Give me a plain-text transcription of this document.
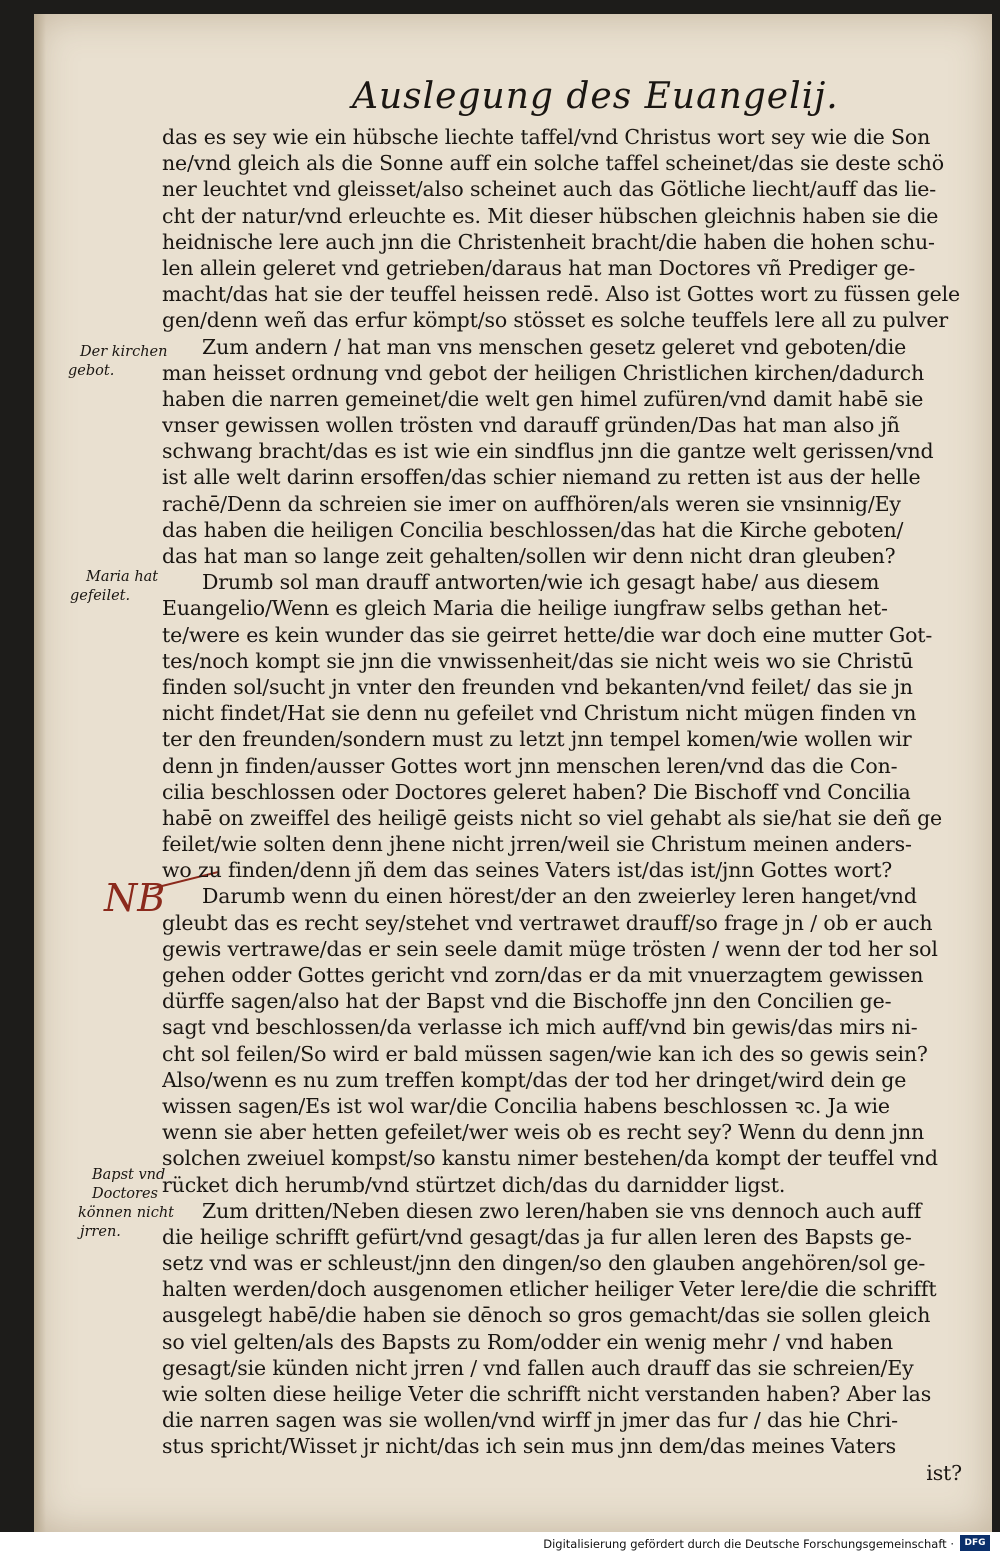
Auslegung des Euangelij.
Der kirchen
gebot.
Maria hat
gefeilet.
Bapst vnd
Doctores
können nicht
jrren.
NB
das es sey wie ein hübsche liechte taffel/vnd Christus wort sey wie die Son
ne/vnd gleich als die Sonne auff ein solche taffel scheinet/das sie deste schö
ner leuchtet vnd gleisset/also scheinet auch das Götliche liecht/auff das lie-
cht der natur/vnd erleuchte es. Mit dieser hübschen gleichnis haben sie die
heidnische lere auch jnn die Christenheit bracht/die haben die hohen schu-
len allein geleret vnd getrieben/daraus hat man Doctores vñ Prediger ge-
macht/das hat sie der teuffel heissen redē. Also ist Gottes wort zu füssen gele
gen/denn weñ das erfur kömpt/so stösset es solche teuffels lere all zu pulver
Zum andern / hat man vns menschen gesetz geleret vnd geboten/die
man heisset ordnung vnd gebot der heiligen Christlichen kirchen/dadurch
haben die narren gemeinet/die welt gen himel zufüren/vnd damit habē sie
vnser gewissen wollen trösten vnd darauff gründen/Das hat man also jñ
schwang bracht/das es ist wie ein sindflus jnn die gantze welt gerissen/vnd
ist alle welt darinn ersoffen/das schier niemand zu retten ist aus der helle
rachē/Denn da schreien sie imer on auffhören/als weren sie vnsinnig/Ey
das haben die heiligen Concilia beschlossen/das hat die Kirche geboten/
das hat man so lange zeit gehalten/sollen wir denn nicht dran gleuben?
Drumb sol man drauff antworten/wie ich gesagt habe/ aus diesem
Euangelio/Wenn es gleich Maria die heilige iungfraw selbs gethan het-
te/were es kein wunder das sie geirret hette/die war doch eine mutter Got-
tes/noch kompt sie jnn die vnwissenheit/das sie nicht weis wo sie Christū
finden sol/sucht jn vnter den freunden vnd bekanten/vnd feilet/ das sie jn
nicht findet/Hat sie denn nu gefeilet vnd Christum nicht mügen finden vn
ter den freunden/sondern must zu letzt jnn tempel komen/wie wollen wir
denn jn finden/ausser Gottes wort jnn menschen leren/vnd das die Con-
cilia beschlossen oder Doctores geleret haben? Die Bischoff vnd Concilia
habē on zweiffel des heiligē geists nicht so viel gehabt als sie/hat sie deñ ge
feilet/wie solten denn jhene nicht jrren/weil sie Christum meinen anders-
wo zu finden/denn jñ dem das seines Vaters ist/das ist/jnn Gottes wort?
Darumb wenn du einen hörest/der an den zweierley leren hanget/vnd
gleubt das es recht sey/stehet vnd vertrawet drauff/so frage jn / ob er auch
gewis vertrawe/das er sein seele damit müge trösten / wenn der tod her sol
gehen odder Gottes gericht vnd zorn/das er da mit vnuerzagtem gewissen
dürffe sagen/also hat der Bapst vnd die Bischoffe jnn den Concilien ge-
sagt vnd beschlossen/da verlasse ich mich auff/vnd bin gewis/das mirs ni-
cht sol feilen/So wird er bald müssen sagen/wie kan ich des so gewis sein?
Also/wenn es nu zum treffen kompt/das der tod her dringet/wird dein ge
wissen sagen/Es ist wol war/die Concilia habens beschlossen ꝛc. Ja wie
wenn sie aber hetten gefeilet/wer weis ob es recht sey? Wenn du denn jnn
solchen zweiuel kompst/so kanstu nimer bestehen/da kompt der teuffel vnd
rücket dich herumb/vnd stürtzet dich/das du darnidder ligst.
Zum dritten/Neben diesen zwo leren/haben sie vns dennoch auch auff
die heilige schrifft gefürt/vnd gesagt/das ja fur allen leren des Bapsts ge-
setz vnd was er schleust/jnn den dingen/so den glauben angehören/sol ge-
halten werden/doch ausgenomen etlicher heiliger Veter lere/die die schrifft
ausgelegt habē/die haben sie dēnoch so gros gemacht/das sie sollen gleich
so viel gelten/als des Bapsts zu Rom/odder ein wenig mehr / vnd haben
gesagt/sie künden nicht jrren / vnd fallen auch drauff das sie schreien/Ey
wie solten diese heilige Veter die schrifft nicht verstanden haben? Aber las
die narren sagen was sie wollen/vnd wirff jn jmer das fur / das hie Chri-
stus spricht/Wisset jr nicht/das ich sein mus jnn dem/das meines Vaters
ist?
Digitalisierung gefördert durch die Deutsche Forschungsgemeinschaft ·	DFG
